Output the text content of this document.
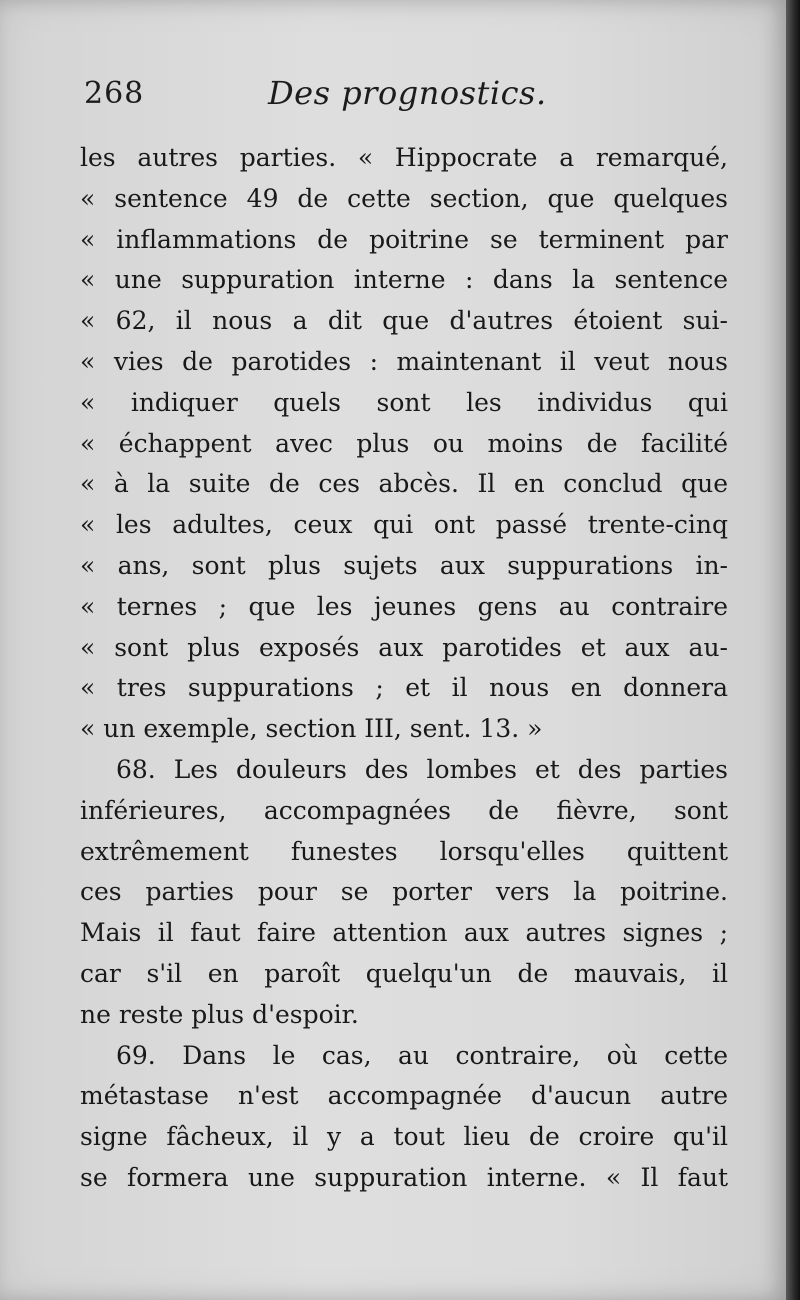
268	Des prognostics.
les autres parties. « Hippocrate a remarqué,
« sentence 49 de cette section, que quelques
« inflammations de poitrine se terminent par
« une suppuration interne : dans la sentence
« 62, il nous a dit que d'autres étoient sui-
« vies de parotides : maintenant il veut nous
« indiquer quels sont les individus qui
« échappent avec plus ou moins de facilité
« à la suite de ces abcès. Il en conclud que
« les adultes, ceux qui ont passé trente-cinq
« ans, sont plus sujets aux suppurations in-
« ternes ; que les jeunes gens au contraire
« sont plus exposés aux parotides et aux au-
« tres suppurations ; et il nous en donnera
« un exemple, section III, sent. 13. »
68. Les douleurs des lombes et des parties
inférieures, accompagnées de fièvre, sont
extrêmement funestes lorsqu'elles quittent
ces parties pour se porter vers la poitrine.
Mais il faut faire attention aux autres signes ;
car s'il en paroît quelqu'un de mauvais, il
ne reste plus d'espoir.
69. Dans le cas, au contraire, où cette
métastase n'est accompagnée d'aucun autre
signe fâcheux, il y a tout lieu de croire qu'il
se formera une suppuration interne. « Il faut
